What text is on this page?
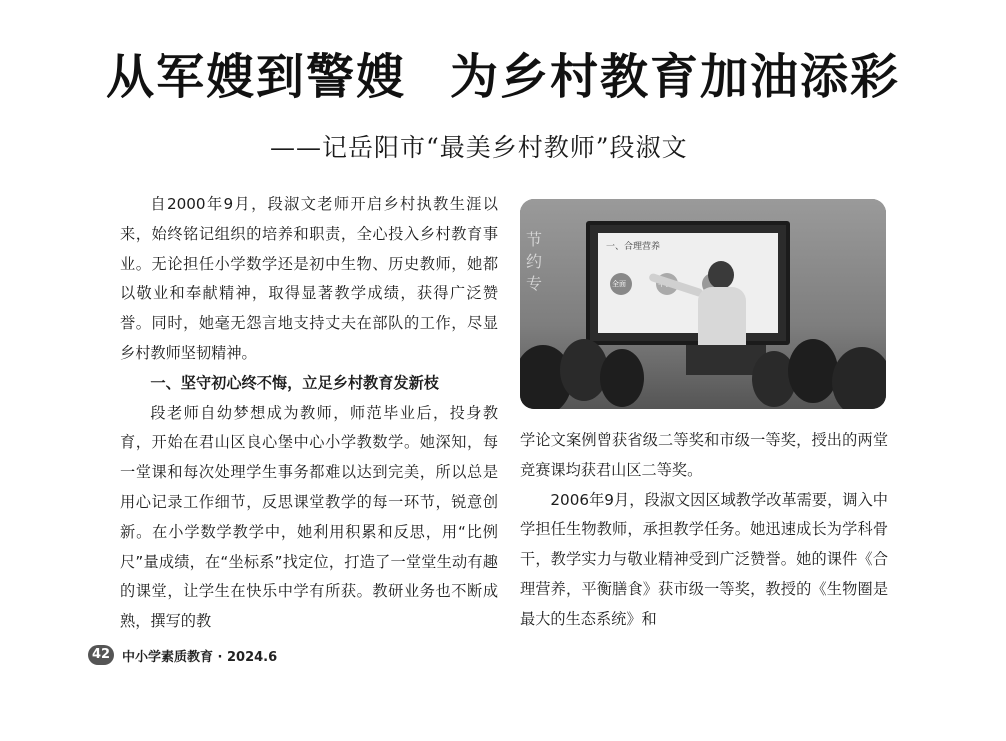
从军嫂到警嫂 为乡村教育加油添彩
——记岳阳市“最美乡村教师”段淑文

自2000年9月，段淑文老师开启乡村执教生涯以来，始终铭记组织的培养和职责，全心投入乡村教育事业。无论担任小学数学还是初中生物、历史教师，她都以敬业和奉献精神，取得显著教学成绩，获得广泛赞誉。同时，她毫无怨言地支持丈夫在部队的工作，尽显乡村教师坚韧精神。

一、坚守初心终不悔，立足乡村教育发新枝

段老师自幼梦想成为教师，师范毕业后，投身教育，开始在君山区良心堡中心小学教数学。她深知，每一堂课和每次处理学生事务都难以达到完美，所以总是用心记录工作细节，反思课堂教学的每一环节，锐意创新。在小学数学教学中，她利用积累和反思，用“比例尺”量成绩，在“坐标系”找定位，打造了一堂堂生动有趣的课堂，让学生在快乐中学有所获。教研业务也不断成熟，撰写的教

节约专
一、合理营养
全面

学论文案例曾获省级二等奖和市级一等奖，授出的两堂竞赛课均获君山区二等奖。

2006年9月，段淑文因区域教学改革需要，调入中学担任生物教师，承担教学任务。她迅速成长为学科骨干，教学实力与敬业精神受到广泛赞誉。她的课件《合理营养，平衡膳食》获市级一等奖，教授的《生物圈是最大的生态系统》和

42 中小学素质教育 · 2024.6
